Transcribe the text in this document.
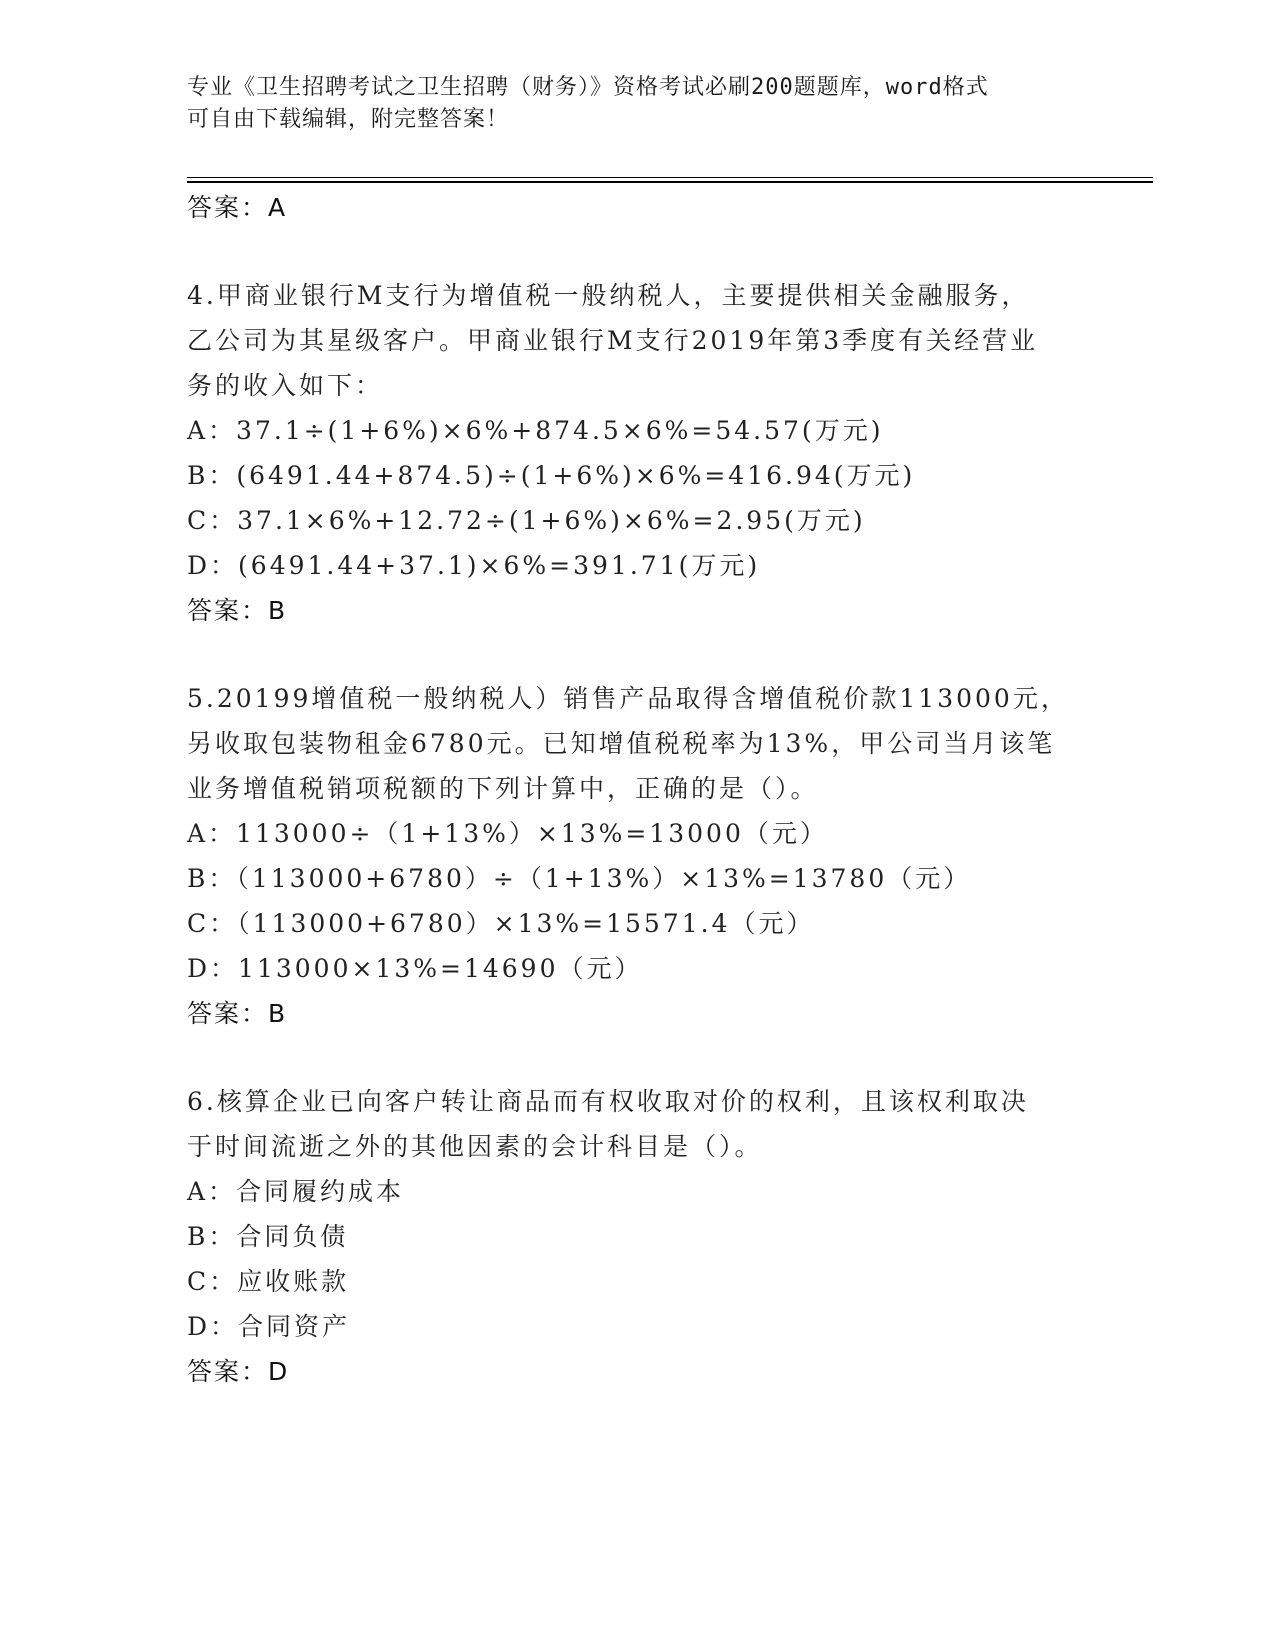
专业《卫生招聘考试之卫生招聘（财务）》资格考试必刷200题题库，word格式
可自由下载编辑，附完整答案！
答案：A
4.甲商业银行M支行为增值税一般纳税人，主要提供相关金融服务，
乙公司为其星级客户。甲商业银行M支行2019年第3季度有关经营业
务的收入如下：
A：37.1÷(1+6%)×6%+874.5×6%=54.57(万元)
B：(6491.44+874.5)÷(1+6%)×6%=416.94(万元)
C：37.1×6%+12.72÷(1+6%)×6%=2.95(万元)
D：(6491.44+37.1)×6%=391.71(万元)
答案：B
5.20199增值税一般纳税人）销售产品取得含增值税价款113000元，
另收取包装物租金6780元。已知增值税税率为13%，甲公司当月该笔
业务增值税销项税额的下列计算中，正确的是（）。
A：113000÷（1+13%）×13%=13000（元）
B：（113000+6780）÷（1+13%）×13%=13780（元）
C：（113000+6780）×13%=15571.4（元）
D：113000×13%=14690（元）
答案：B
6.核算企业已向客户转让商品而有权收取对价的权利，且该权利取决
于时间流逝之外的其他因素的会计科目是（）。
A：合同履约成本
B：合同负债
C：应收账款
D：合同资产
答案：D
